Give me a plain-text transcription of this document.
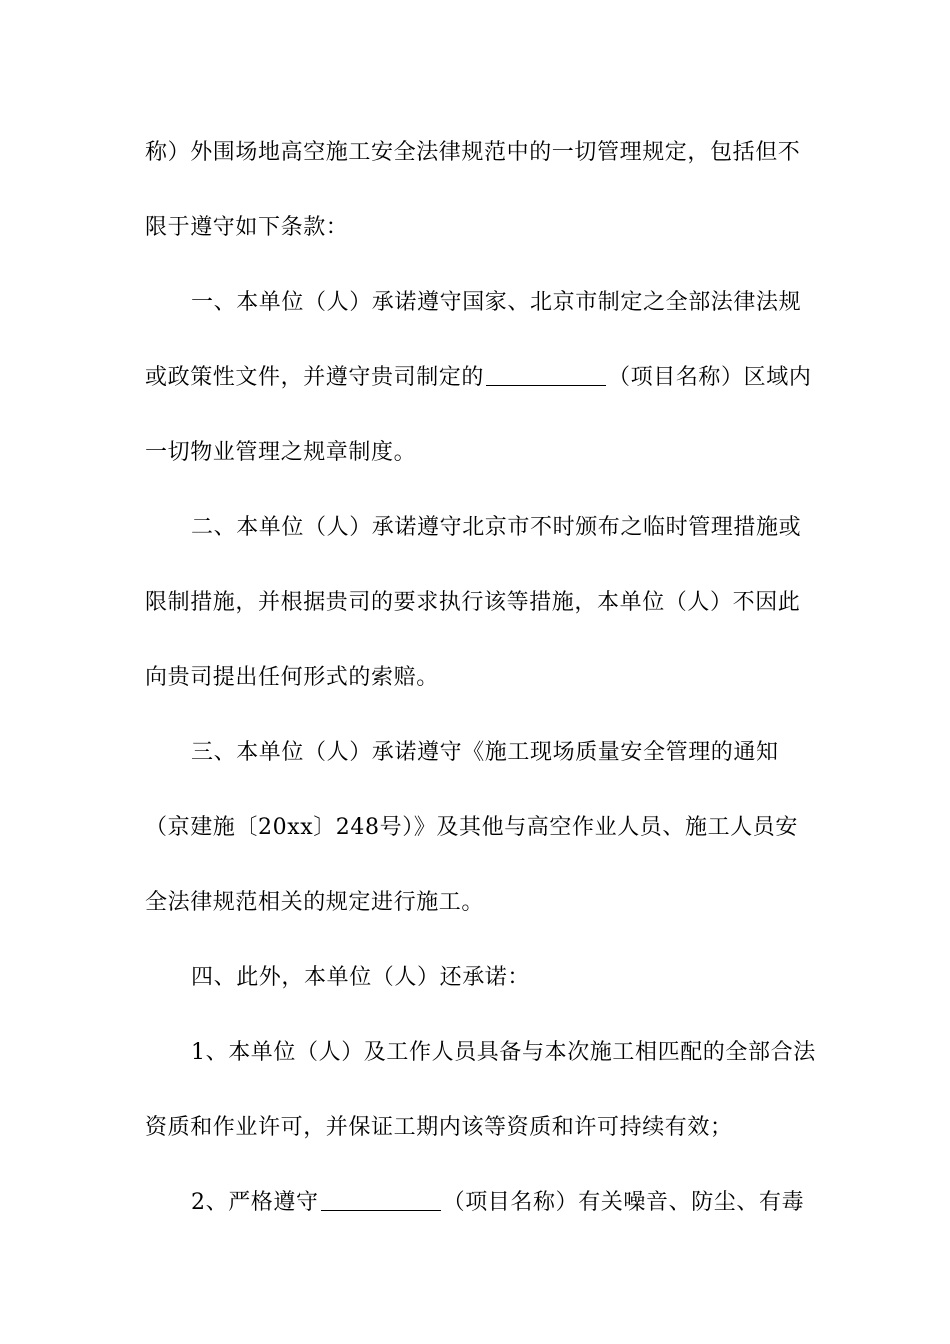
称）外围场地高空施工安全法律规范中的一切管理规定，包括但不
限于遵守如下条款：
一、本单位（人）承诺遵守国家、北京市制定之全部法律法规
或政策性文件，并遵守贵司制定的	（项目名称）区域内
一切物业管理之规章制度。
二、本单位（人）承诺遵守北京市不时颁布之临时管理措施或
限制措施，并根据贵司的要求执行该等措施，本单位（人）不因此
向贵司提出任何形式的索赔。
三、本单位（人）承诺遵守《施工现场质量安全管理的通知
（京建施〔20xx〕248号）》及其他与高空作业人员、施工人员安
全法律规范相关的规定进行施工。
四、此外，本单位（人）还承诺：
1、本单位（人）及工作人员具备与本次施工相匹配的全部合法
资质和作业许可，并保证工期内该等资质和许可持续有效；
2、严格遵守	（项目名称）有关噪音、防尘、有毒
